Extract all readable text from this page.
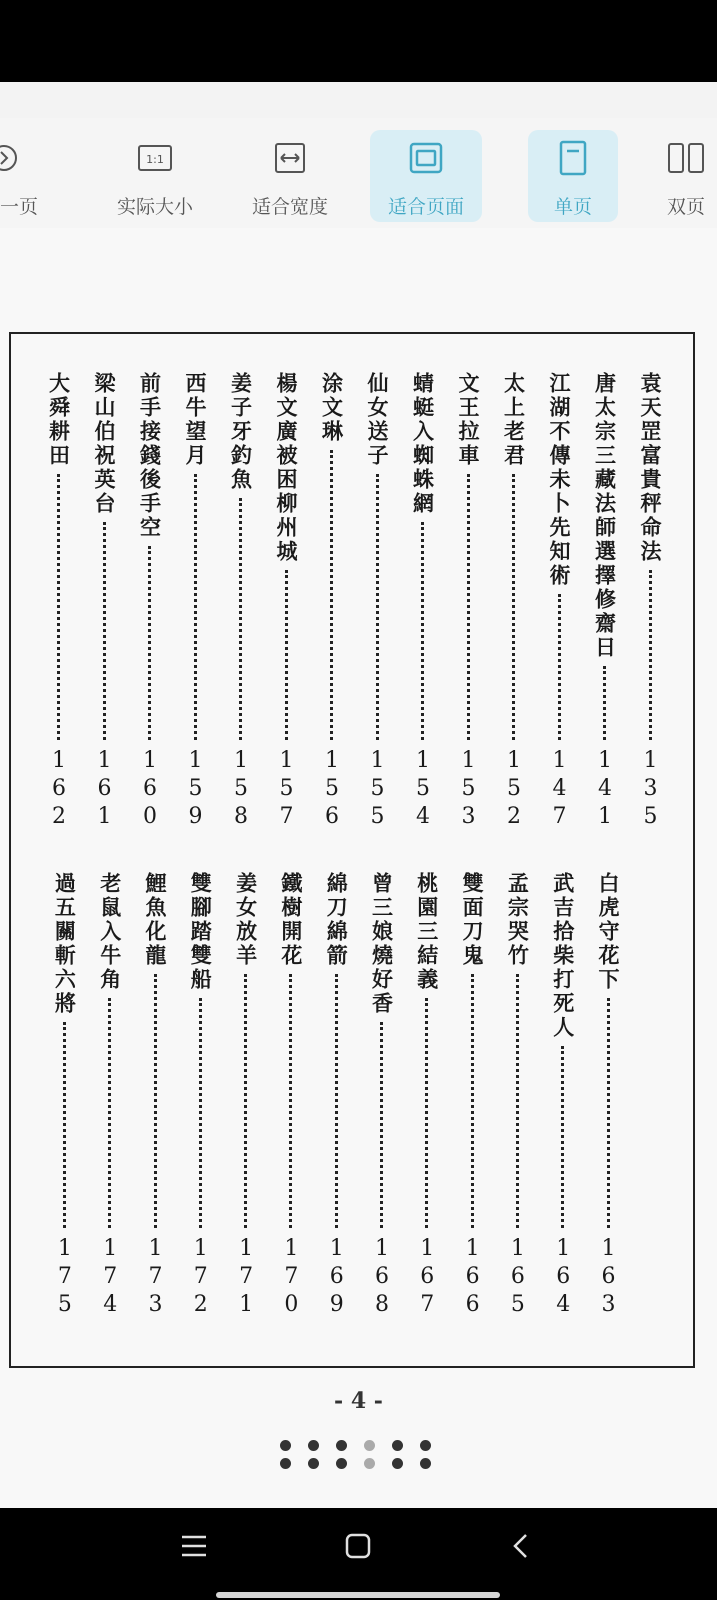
一页
1:1
实际大小	适合宽度	适合页面	单页	双页
袁天罡富貴秤命法
135
唐太宗三藏法師選擇修齋日
141
江湖不傳未卜先知術
147
太上老君
152
文王拉車
153
蜻蜓入蜘蛛網
154
仙女送子
155
涂文琳
156
楊文廣被困柳州城
157
姜子牙釣魚
158
西牛望月
159
前手接錢後手空
160
梁山伯祝英台
161
大舜耕田
162
白虎守花下
163
武吉拾柴打死人
164
孟宗哭竹
165
雙面刀鬼
166
桃園三結義
167
曾三娘燒好香
168
綿刀綿箭
169
鐵樹開花
170
姜女放羊
171
雙腳踏雙船
172
鯉魚化龍
173
老鼠入牛角
174
過五關斬六將
175
- 4 -
